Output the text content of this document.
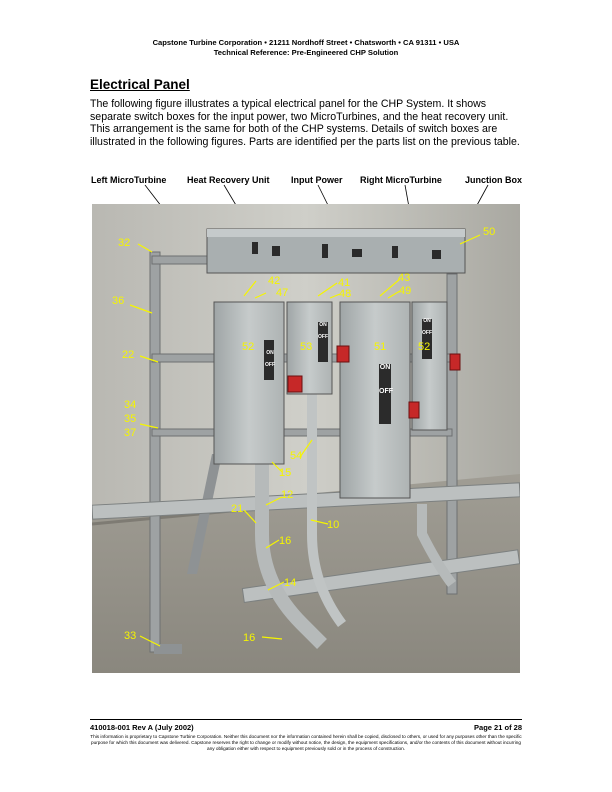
Capstone Turbine Corporation • 21211 Nordhoff Street • Chatsworth • CA 91311 • USA
Technical Reference: Pre-Engineered CHP Solution
Electrical Panel
The following figure illustrates a typical electrical panel for the CHP System. It shows separate switch boxes for the input power, two MicroTurbines, and the heat recovery unit. This arrangement is the same for both of the CHP systems. Details of switch boxes are illustrated in the following figures. Parts are identified per the parts list on the previous table.
Left MicroTurbine Heat Recovery Unit Input Power Right MicroTurbine	Junction Box
ON

OFF
ON

OFF
ON

OFF
ON

OFF
32
36
22
34
35
37
33
42
47
41
48
43
49
50
52	53	51	52
54
15
12
21
10
16
14
16
410018-001 Rev A (July 2002)	Page 21 of 28
This information is proprietary to Capstone Turbine Corporation. Neither this document nor the information contained herein shall be copied, disclosed to others, or used for any purposes other than the specific purpose for which this document was delivered. Capstone reserves the right to change or modify without notice, the design, the equipment specifications, and/or the contents of this document without incurring any obligation either with respect to equipment previously sold or in the process of construction.
